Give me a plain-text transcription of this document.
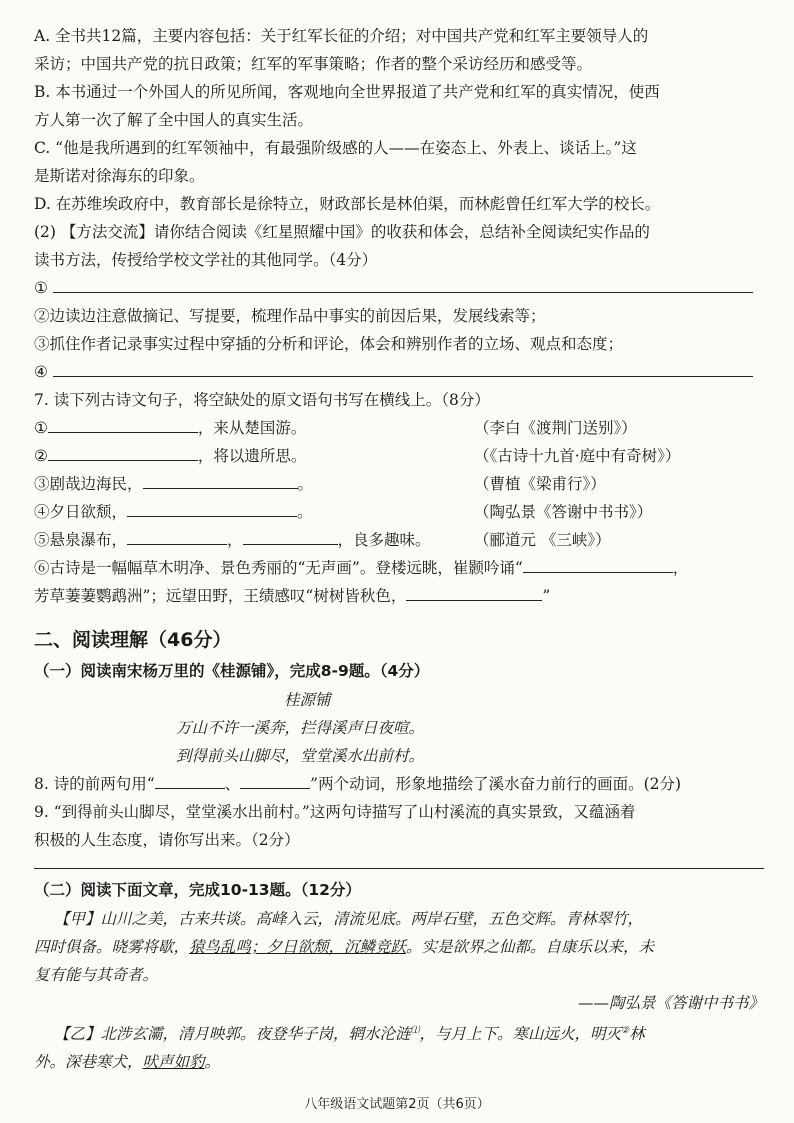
A. 全书共12篇，主要内容包括：关于红军长征的介绍；对中国共产党和红军主要领导人的
采访；中国共产党的抗日政策；红军的军事策略；作者的整个采访经历和感受等。
B. 本书通过一个外国人的所见所闻，客观地向全世界报道了共产党和红军的真实情况，使西
方人第一次了解了全中国人的真实生活。
C. “他是我所遇到的红军领袖中，有最强阶级感的人——在姿态上、外表上、谈话上。”这
是斯诺对徐海东的印象。
D. 在苏维埃政府中，教育部长是徐特立，财政部长是林伯渠，而林彪曾任红军大学的校长。
(2) 【方法交流】请你结合阅读《红星照耀中国》的收获和体会，总结补全阅读纪实作品的
读书方法，传授给学校文学社的其他同学。（4分）
①
②边读边注意做摘记、写提要，梳理作品中事实的前因后果，发展线索等；
③抓住作者记录事实过程中穿插的分析和评论，体会和辨别作者的立场、观点和态度；
④
7. 读下列古诗文句子，将空缺处的原文语句书写在横线上。（8分）
①	，来从楚国游。	（李白《渡荆门送别》）
②	，将以遗所思。	（《古诗十九首·庭中有奇树》）
③剧哉边海民，	。	（曹植《梁甫行》）
④夕日欲颓，	。	（陶弘景《答谢中书书》）
⑤悬泉瀑布，	，	，良多趣味。	（郦道元 《三峡》）
⑥古诗是一幅幅草木明净、景色秀丽的“无声画”。登楼远眺，崔颢吟诵“	，
芳草萋萋鹦鹉洲”；远望田野，王绩感叹“树树皆秋色，	”
二、阅读理解（46分）
（一）阅读南宋杨万里的《桂源铺》，完成8-9题。（4分）
桂源铺
万山不许一溪奔，拦得溪声日夜喧。
到得前头山脚尽，堂堂溪水出前村。
8. 诗的前两句用“	、	”两个动词，形象地描绘了溪水奋力前行的画面。(2分)
9. “到得前头山脚尽，堂堂溪水出前村。”这两句诗描写了山村溪流的真实景致，又蕴涵着
积极的人生态度，请你写出来。（2分）
（二）阅读下面文章，完成10-13题。（12分）
【甲】山川之美，古来共谈。高峰入云，清流见底。两岸石壁，五色交辉。青林翠竹，
四时俱备。晓雾将歇，猿鸟乱鸣；夕日欲颓，沉鳞竞跃。实是欲界之仙都。自康乐以来，未
复有能与其奇者。
——陶弘景《答谢中书书》
【乙】北涉玄灞，清月映郭。夜登华子岗，辋水沦涟⑴，与月上下。寒山远火，明灭②林
外。深巷寒犬，吠声如豹。
八年级语文试题第2页（共6页）
